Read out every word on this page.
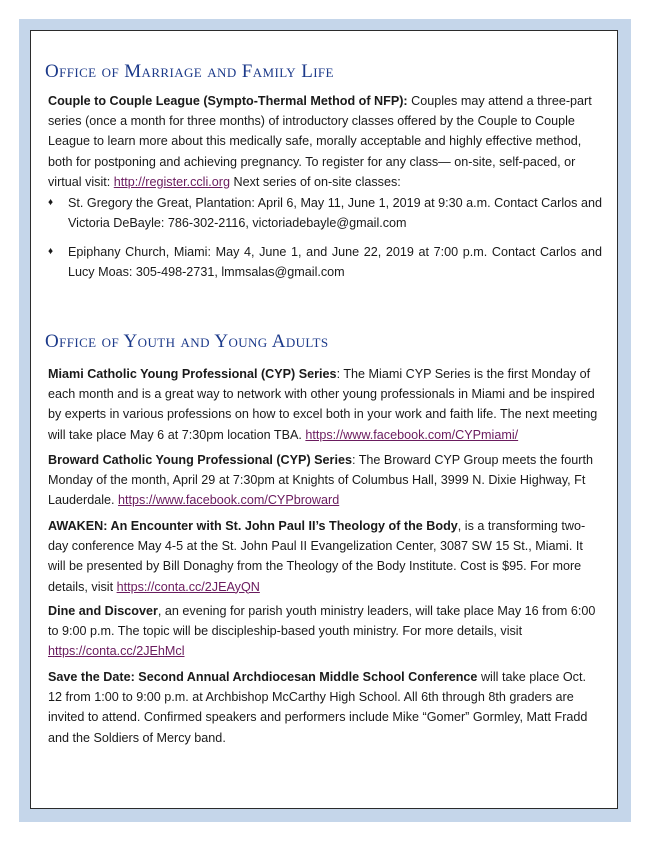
Office of Marriage and Family Life

Couple to Couple League (Sympto-Thermal Method of NFP): Couples may attend a three-part series (once a month for three months) of introductory classes offered by the Couple to Couple League to learn more about this medically safe, morally acceptable and highly effective method, both for postponing and achieving pregnancy. To register for any class— on-site, self-paced, or virtual visit: http://register.ccli.org Next series of on-site classes:

♦ St. Gregory the Great, Plantation: April 6, May 11, June 1, 2019 at 9:30 a.m. Contact Carlos and Victoria DeBayle: 786-302-2116, victoriadebayle@gmail.com
♦ Epiphany Church, Miami: May 4, June 1, and June 22, 2019 at 7:00 p.m. Contact Carlos and Lucy Moas: 305-498-2731, lmmsalas@gmail.com
Office of Youth and Young Adults

Miami Catholic Young Professional (CYP) Series: The Miami CYP Series is the first Monday of each month and is a great way to network with other young professionals in Miami and be inspired by experts in various professions on how to excel both in your work and faith life. The next meeting will take place May 6 at 7:30pm location TBA. https://www.facebook.com/CYPmiami/

Broward Catholic Young Professional (CYP) Series: The Broward CYP Group meets the fourth Monday of the month, April 29 at 7:30pm at Knights of Columbus Hall, 3999 N. Dixie Highway, Ft Lauderdale. https://www.facebook.com/CYPbroward

AWAKEN: An Encounter with St. John Paul II’s Theology of the Body, is a transforming two-day conference May 4-5 at the St. John Paul II Evangelization Center, 3087 SW 15 St., Miami. It will be presented by Bill Donaghy from the Theology of the Body Institute. Cost is $95. For more details, visit https://conta.cc/2JEAyQN

Dine and Discover, an evening for parish youth ministry leaders, will take place May 16 from 6:00 to 9:00 p.m. The topic will be discipleship-based youth ministry. For more details, visit https://conta.cc/2JEhMcl

Save the Date: Second Annual Archdiocesan Middle School Conference will take place Oct. 12 from 1:00 to 9:00 p.m. at Archbishop McCarthy High School. All 6th through 8th graders are invited to attend. Confirmed speakers and performers include Mike “Gomer” Gormley, Matt Fradd and the Soldiers of Mercy band.
